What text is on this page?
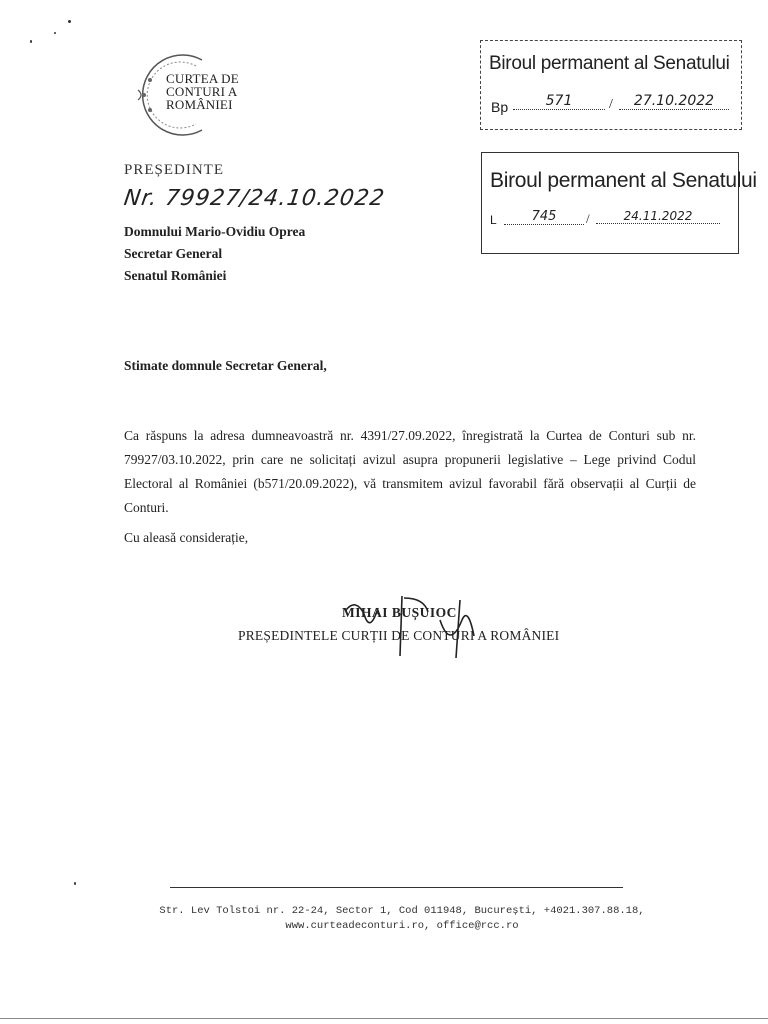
CURTEA DE
CONTURI A
ROMÂNIEI
PREȘEDINTE
Nr. 79927/24.10.2022
Domnului Mario-Ovidiu Oprea
Secretar General
Senatul României
Biroul permanent al Senatului
Bp	571	/	27.10.2022
Biroul permanent al Senatului
L	745	/	24.11.2022
Stimate domnule Secretar General,
Ca răspuns la adresa dumneavoastră nr. 4391/27.09.2022, înregistrată la Curtea de Conturi sub nr. 79927/03.10.2022, prin care ne solicitați avizul asupra propunerii legislative – Lege privind Codul Electoral al României (b571/20.09.2022), vă transmitem avizul favorabil fără observații al Curții de Conturi.
Cu aleasă considerație,
MIHAI BUȘUIOC
PREȘEDINTELE CURȚII DE CONTURI A ROMÂNIEI
Str. Lev Tolstoi nr. 22-24, Sector 1, Cod 011948, București, +4021.307.88.18,
www.curteadeconturi.ro, office@rcc.ro
